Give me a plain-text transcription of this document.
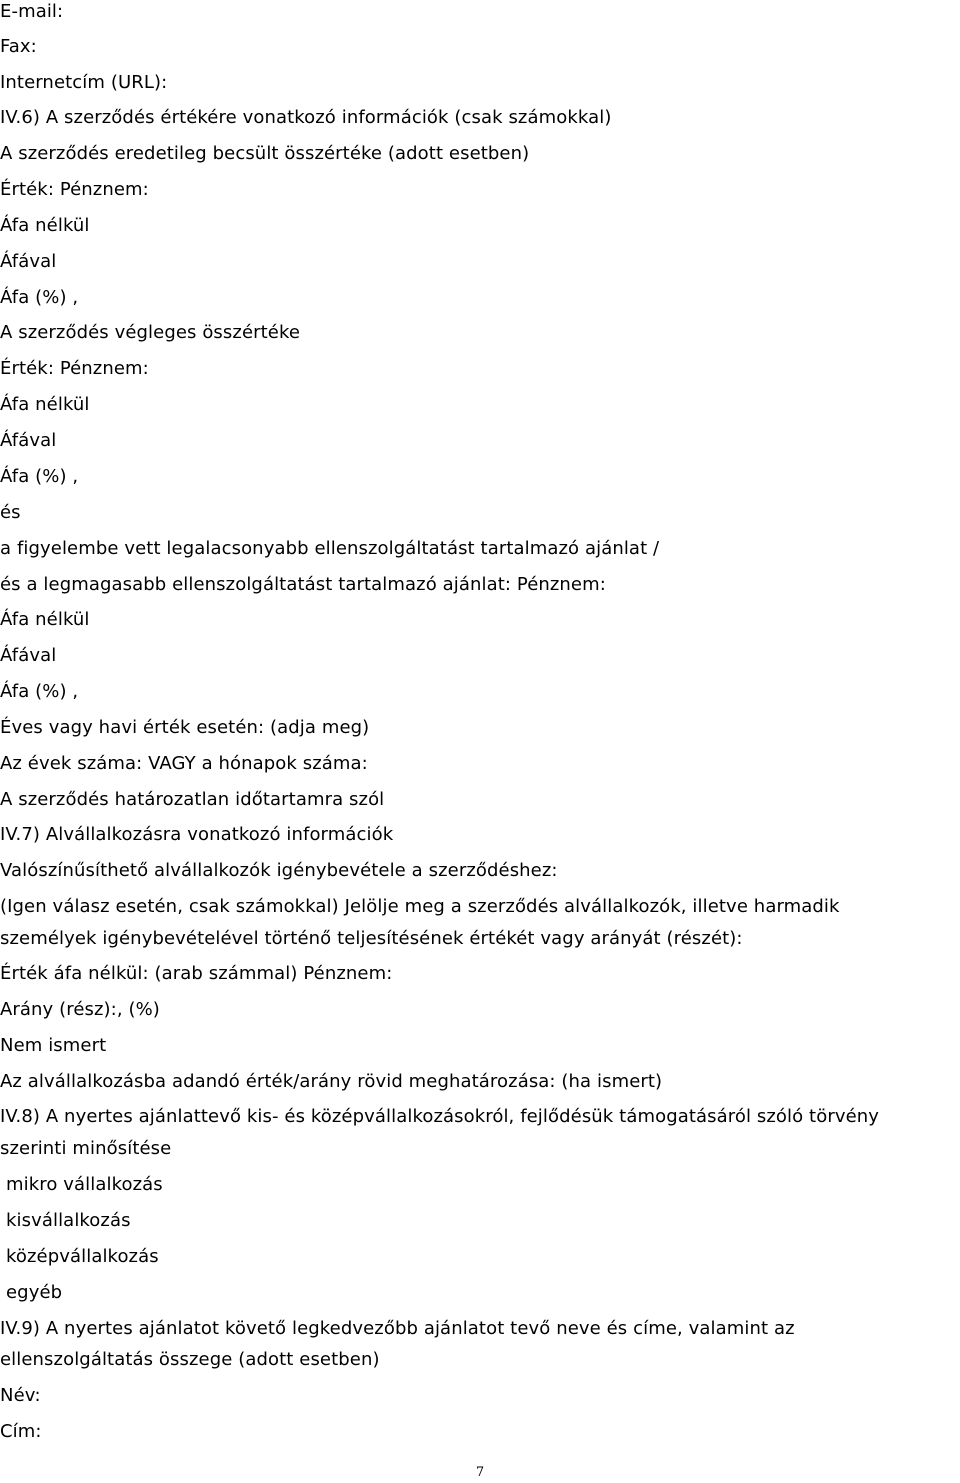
E-mail:
Fax:
Internetcím (URL):
IV.6) A szerződés értékére vonatkozó információk (csak számokkal)
A szerződés eredetileg becsült összértéke (adott esetben)
Érték: Pénznem:
Áfa nélkül
Áfával
Áfa (%) ,
A szerződés végleges összértéke
Érték: Pénznem:
Áfa nélkül
Áfával
Áfa (%) ,
és
a figyelembe vett legalacsonyabb ellenszolgáltatást tartalmazó ajánlat /
és a legmagasabb ellenszolgáltatást tartalmazó ajánlat: Pénznem:
Áfa nélkül
Áfával
Áfa (%) ,
Éves vagy havi érték esetén: (adja meg)
Az évek száma: VAGY a hónapok száma:
A szerződés határozatlan időtartamra szól
IV.7) Alvállalkozásra vonatkozó információk
Valószínűsíthető alvállalkozók igénybevétele a szerződéshez:
(Igen válasz esetén, csak számokkal) Jelölje meg a szerződés alvállalkozók, illetve harmadik
személyek igénybevételével történő teljesítésének értékét vagy arányát (részét):
Érték áfa nélkül: (arab számmal) Pénznem:
Arány (rész):, (%)
Nem ismert
Az alvállalkozásba adandó érték/arány rövid meghatározása: (ha ismert)
IV.8) A nyertes ajánlattevő kis- és középvállalkozásokról, fejlődésük támogatásáról szóló törvény
szerinti minősítése
mikro vállalkozás
kisvállalkozás
középvállalkozás
egyéb
IV.9) A nyertes ajánlatot követő legkedvezőbb ajánlatot tevő neve és címe, valamint az
ellenszolgáltatás összege (adott esetben)
Név:
Cím:
7
